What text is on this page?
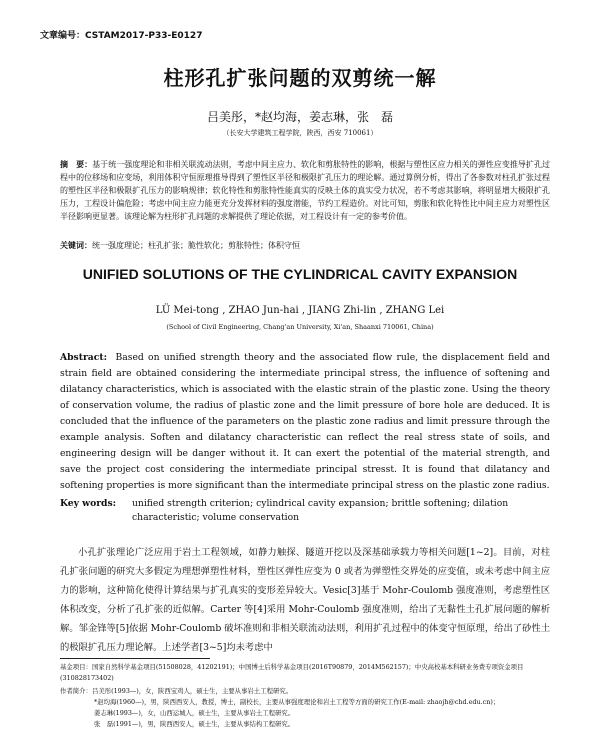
文章编号：CSTAM2017-P33-E0127
柱形孔扩张问题的双剪统一解
吕美彤，*赵均海，姜志琳，张　磊
（长安大学建筑工程学院，陕西，西安 710061）
摘　要：基于统一强度理论和非相关联流动法则，考虑中间主应力、软化和剪胀特性的影响，根据与塑性区应力相关的弹性应变推导扩孔过程中的位移场和应变场，利用体积守恒原理推导得到了塑性区半径和极限扩孔压力的理论解。通过算例分析，得出了各参数对柱孔扩张过程的塑性区半径和极限扩孔压力的影响规律；软化特性和剪胀特性能真实的反映土体的真实受力状况，若不考虑其影响，将明显增大极限扩孔压力，工程设计偏危险；考虑中间主应力能更充分发挥材料的强度潜能，节约工程造价。对比可知，剪胀和软化特性比中间主应力对塑性区半径影响更显著。该理论解为柱形扩孔问题的求解提供了理论依据，对工程设计有一定的参考价值。
关键词：统一强度理论；柱孔扩张；脆性软化；剪胀特性；体积守恒
UNIFIED SOLUTIONS OF THE CYLINDRICAL CAVITY EXPANSION
LÜ Mei-tong , ZHAO Jun-hai , JIANG Zhi-lin , ZHANG Lei
(School of Civil Engineering, Chang'an University, Xi'an, Shaanxi 710061, China)
Abstract: Based on unified strength theory and the associated flow rule, the displacement field and strain field are obtained considering the intermediate principal stress, the influence of softening and dilatancy characteristics, which is associated with the elastic strain of the plastic zone. Using the theory of conservation volume, the radius of plastic zone and the limit pressure of bore hole are deduced. It is concluded that the influence of the parameters on the plastic zone radius and limit pressure through the example analysis. Soften and dilatancy characteristic can reflect the real stress state of soils, and engineering design will be danger without it. It can exert the potential of the material strength, and save the project cost considering the intermediate principal stresst. It is found that dilatancy and softening properties is more significant than the intermediate principal stress on the plastic zone radius.
Key words: unified strength criterion; cylindrical cavity expansion; brittle softening; dilation characteristic; volume conservation
小孔扩张理论广泛应用于岩土工程领域，如静力触探、隧道开挖以及深基础承载力等相关问题[1~2]。目前，对柱孔扩张问题的研究大多假定为理想弹塑性材料，塑性区弹性应变为 0 或者为弹塑性交界处的应变值，或未考虑中间主应力的影响，这种简化使得计算结果与扩孔真实的变形差异较大。Vesic[3]基于 Mohr-Coulomb 强度准则，考虑塑性区体积改变，分析了孔扩张的近似解。Carter 等[4]采用 Mohr-Coulomb 强度准则，给出了无黏性土孔扩展问题的解析解。邹金锋等[5]依据 Mohr-Coulomb 破坏准则和非相关联流动法则，利用扩孔过程中的体变守恒原理，给出了砂性土的极限扩孔压力理论解。上述学者[3~5]均未考虑中
基金项目：国家自然科学基金项目(51508028，41202191)；中国博士后科学基金项目(2016T90879，2014M562157)；中央高校基本科研业务费专项资金项目(310828173402)
作者简介：吕美彤(1993—)，女，陕西宝鸡人，硕士生，主要从事岩土工程研究。
*赵均海(1960—)，男，陕西西安人，教授，博士，副校长，主要从事强度理论和岩土工程等方面的研究工作(E-mail: zhaojh@chd.edu.cn)；
姜志琳(1993—)，女，山西运城人，硕士生，主要从事岩土工程研究。
张　磊(1991—)，男，陕西西安人，硕士生，主要从事结构工程研究。
